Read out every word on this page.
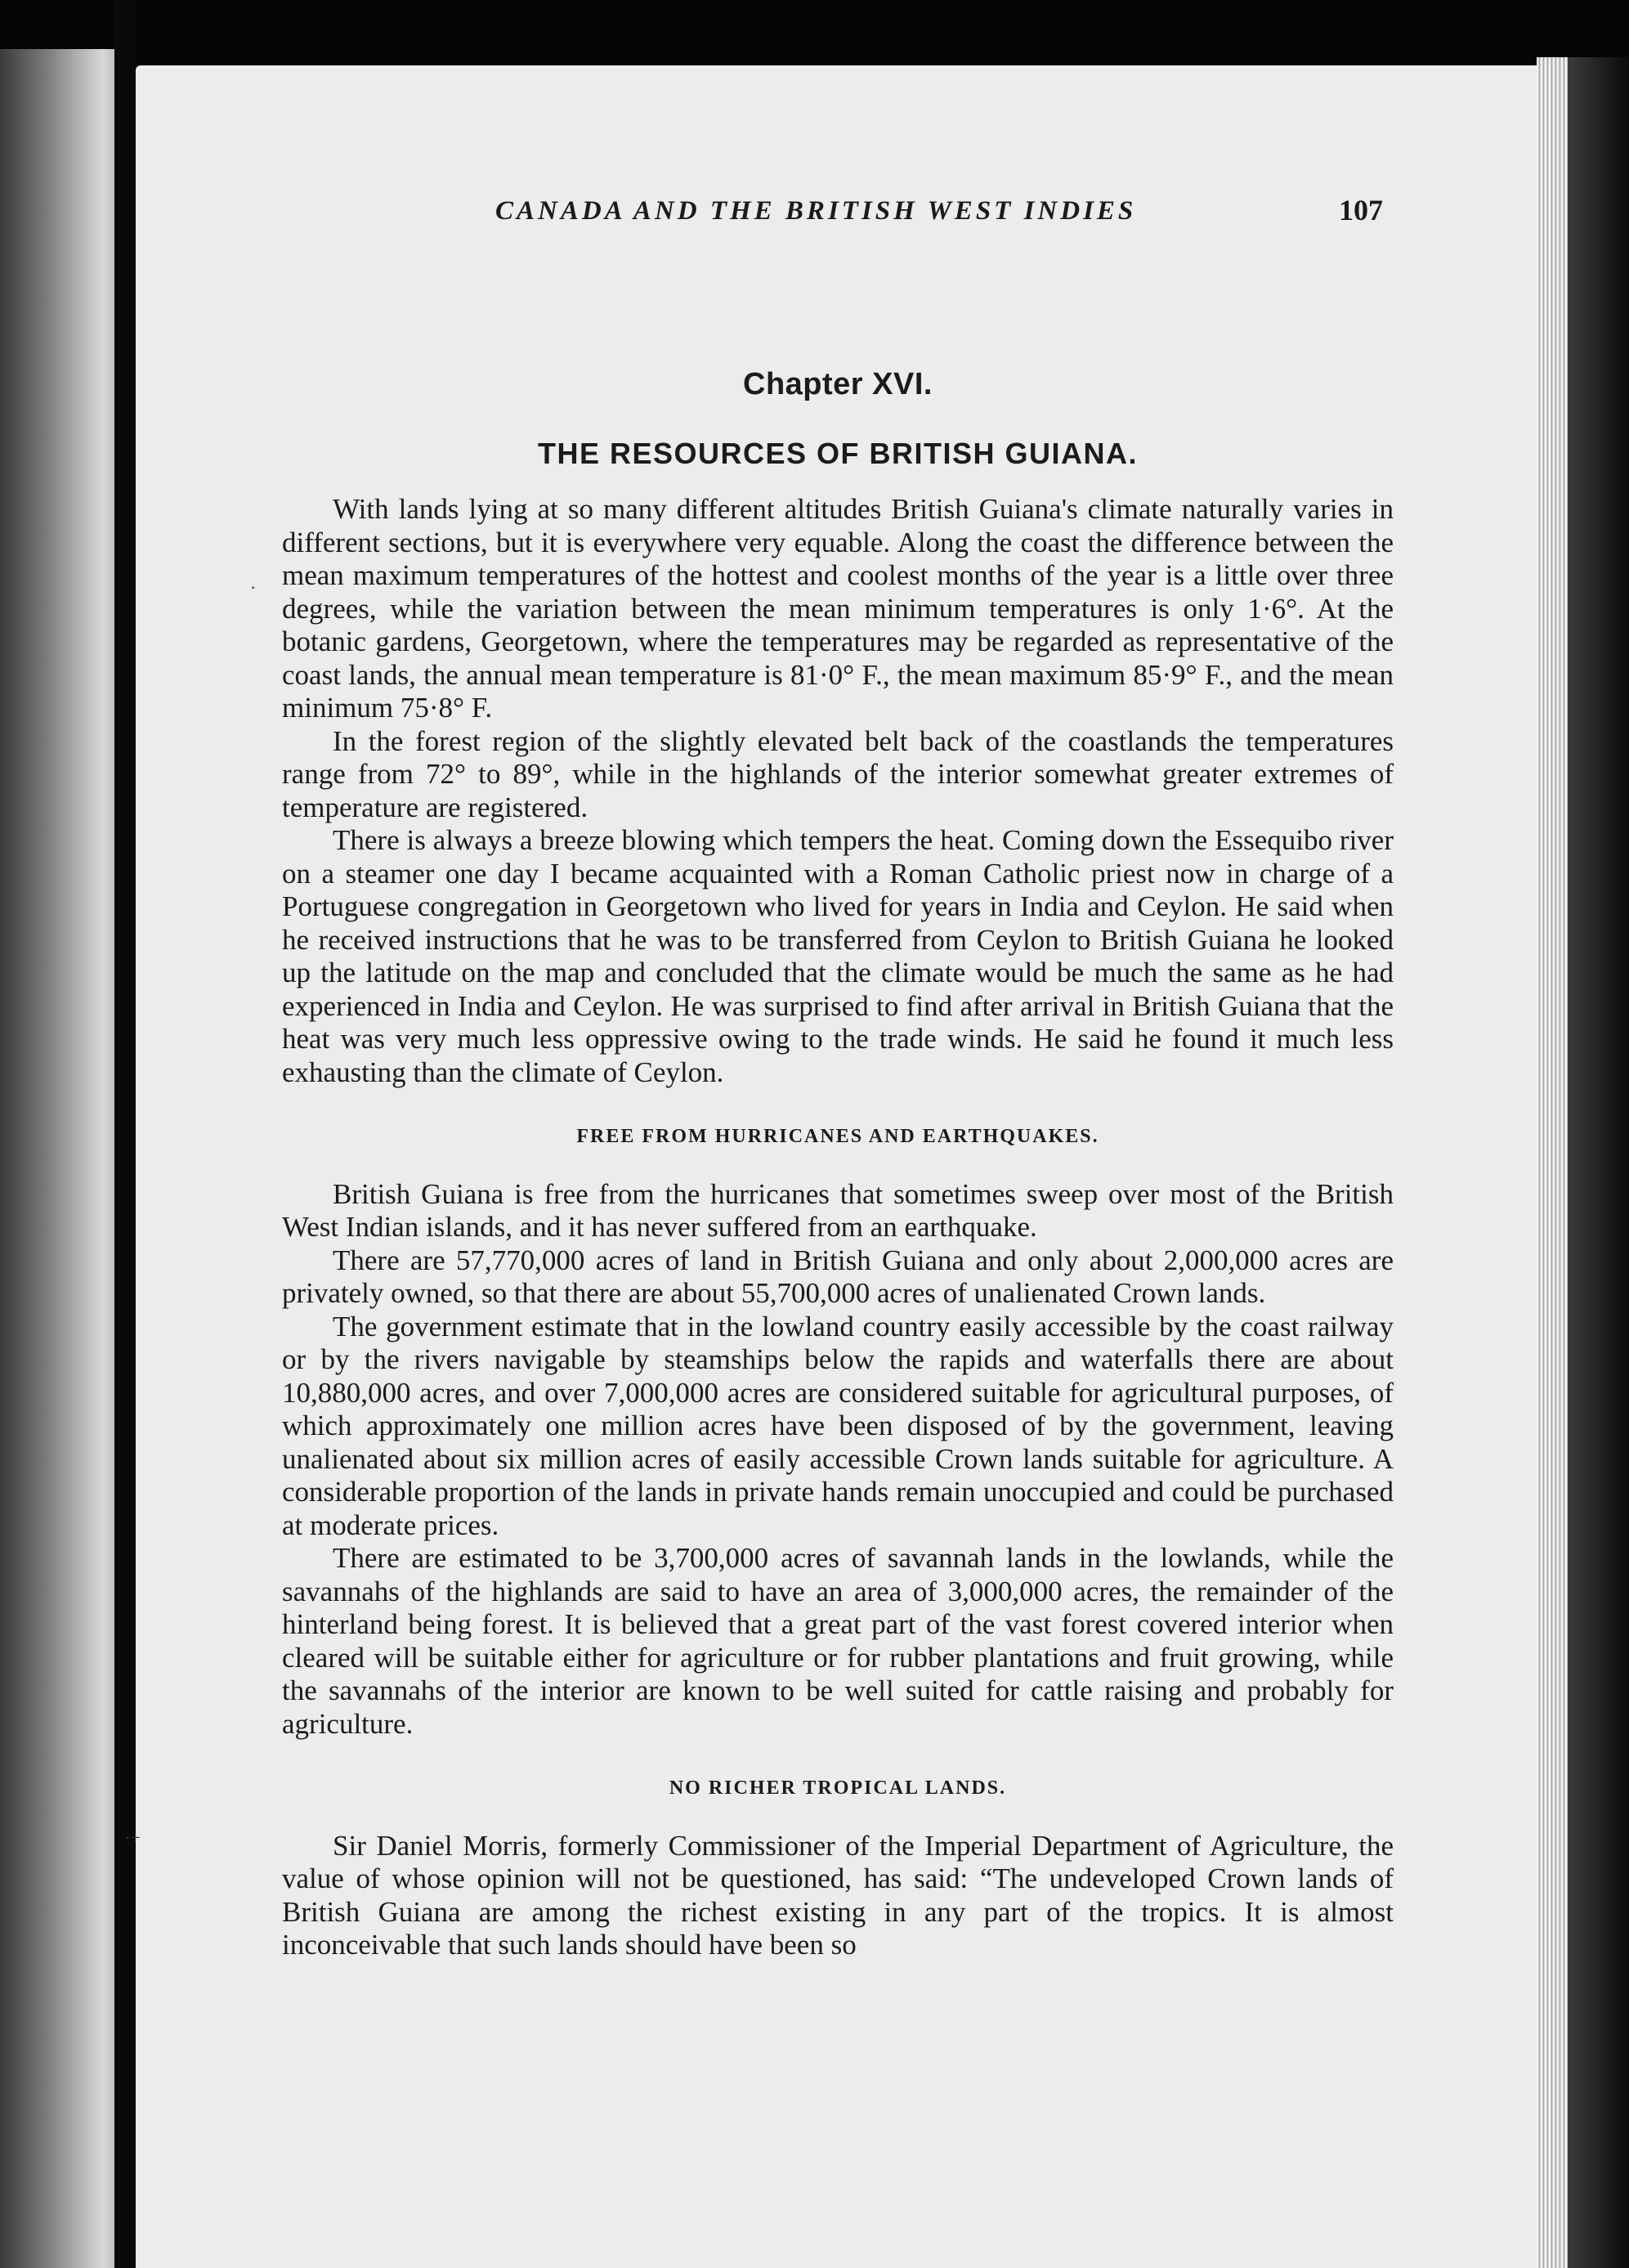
CANADA AND THE BRITISH WEST INDIES	107
·
·+
Chapter XVI.
THE RESOURCES OF BRITISH GUIANA.

With lands lying at so many different altitudes British Guiana's climate naturally varies in different sections, but it is everywhere very equable. Along the coast the difference between the mean maximum temperatures of the hottest and coolest months of the year is a little over three degrees, while the variation between the mean minimum temperatures is only 1·6°. At the botanic gardens, Georgetown, where the temperatures may be regarded as representative of the coast lands, the annual mean temperature is 81·0° F., the mean maximum 85·9° F., and the mean minimum 75·8° F.

In the forest region of the slightly elevated belt back of the coastlands the temperatures range from 72° to 89°, while in the highlands of the interior somewhat greater extremes of temperature are registered.

There is always a breeze blowing which tempers the heat. Coming down the Essequibo river on a steamer one day I became acquainted with a Roman Catholic priest now in charge of a Portuguese congregation in Georgetown who lived for years in India and Ceylon. He said when he received instructions that he was to be transferred from Ceylon to British Guiana he looked up the latitude on the map and concluded that the climate would be much the same as he had experienced in India and Ceylon. He was surprised to find after arrival in British Guiana that the heat was very much less oppressive owing to the trade winds. He said he found it much less exhausting than the climate of Ceylon.

FREE FROM HURRICANES AND EARTHQUAKES.

British Guiana is free from the hurricanes that sometimes sweep over most of the British West Indian islands, and it has never suffered from an earthquake.

There are 57,770,000 acres of land in British Guiana and only about 2,000,000 acres are privately owned, so that there are about 55,700,000 acres of unalienated Crown lands.

The government estimate that in the lowland country easily accessible by the coast railway or by the rivers navigable by steamships below the rapids and waterfalls there are about 10,880,000 acres, and over 7,000,000 acres are considered suitable for agricultural purposes, of which approximately one million acres have been disposed of by the government, leaving unalienated about six million acres of easily accessible Crown lands suitable for agriculture. A considerable proportion of the lands in private hands remain unoccupied and could be purchased at moderate prices.

There are estimated to be 3,700,000 acres of savannah lands in the lowlands, while the savannahs of the highlands are said to have an area of 3,000,000 acres, the remainder of the hinterland being forest. It is believed that a great part of the vast forest covered interior when cleared will be suitable either for agriculture or for rubber plantations and fruit growing, while the savannahs of the interior are known to be well suited for cattle raising and probably for agriculture.

NO RICHER TROPICAL LANDS.

Sir Daniel Morris, formerly Commissioner of the Imperial Department of Agriculture, the value of whose opinion will not be questioned, has said: “The undeveloped Crown lands of British Guiana are among the richest existing in any part of the tropics. It is almost inconceivable that such lands should have been so
